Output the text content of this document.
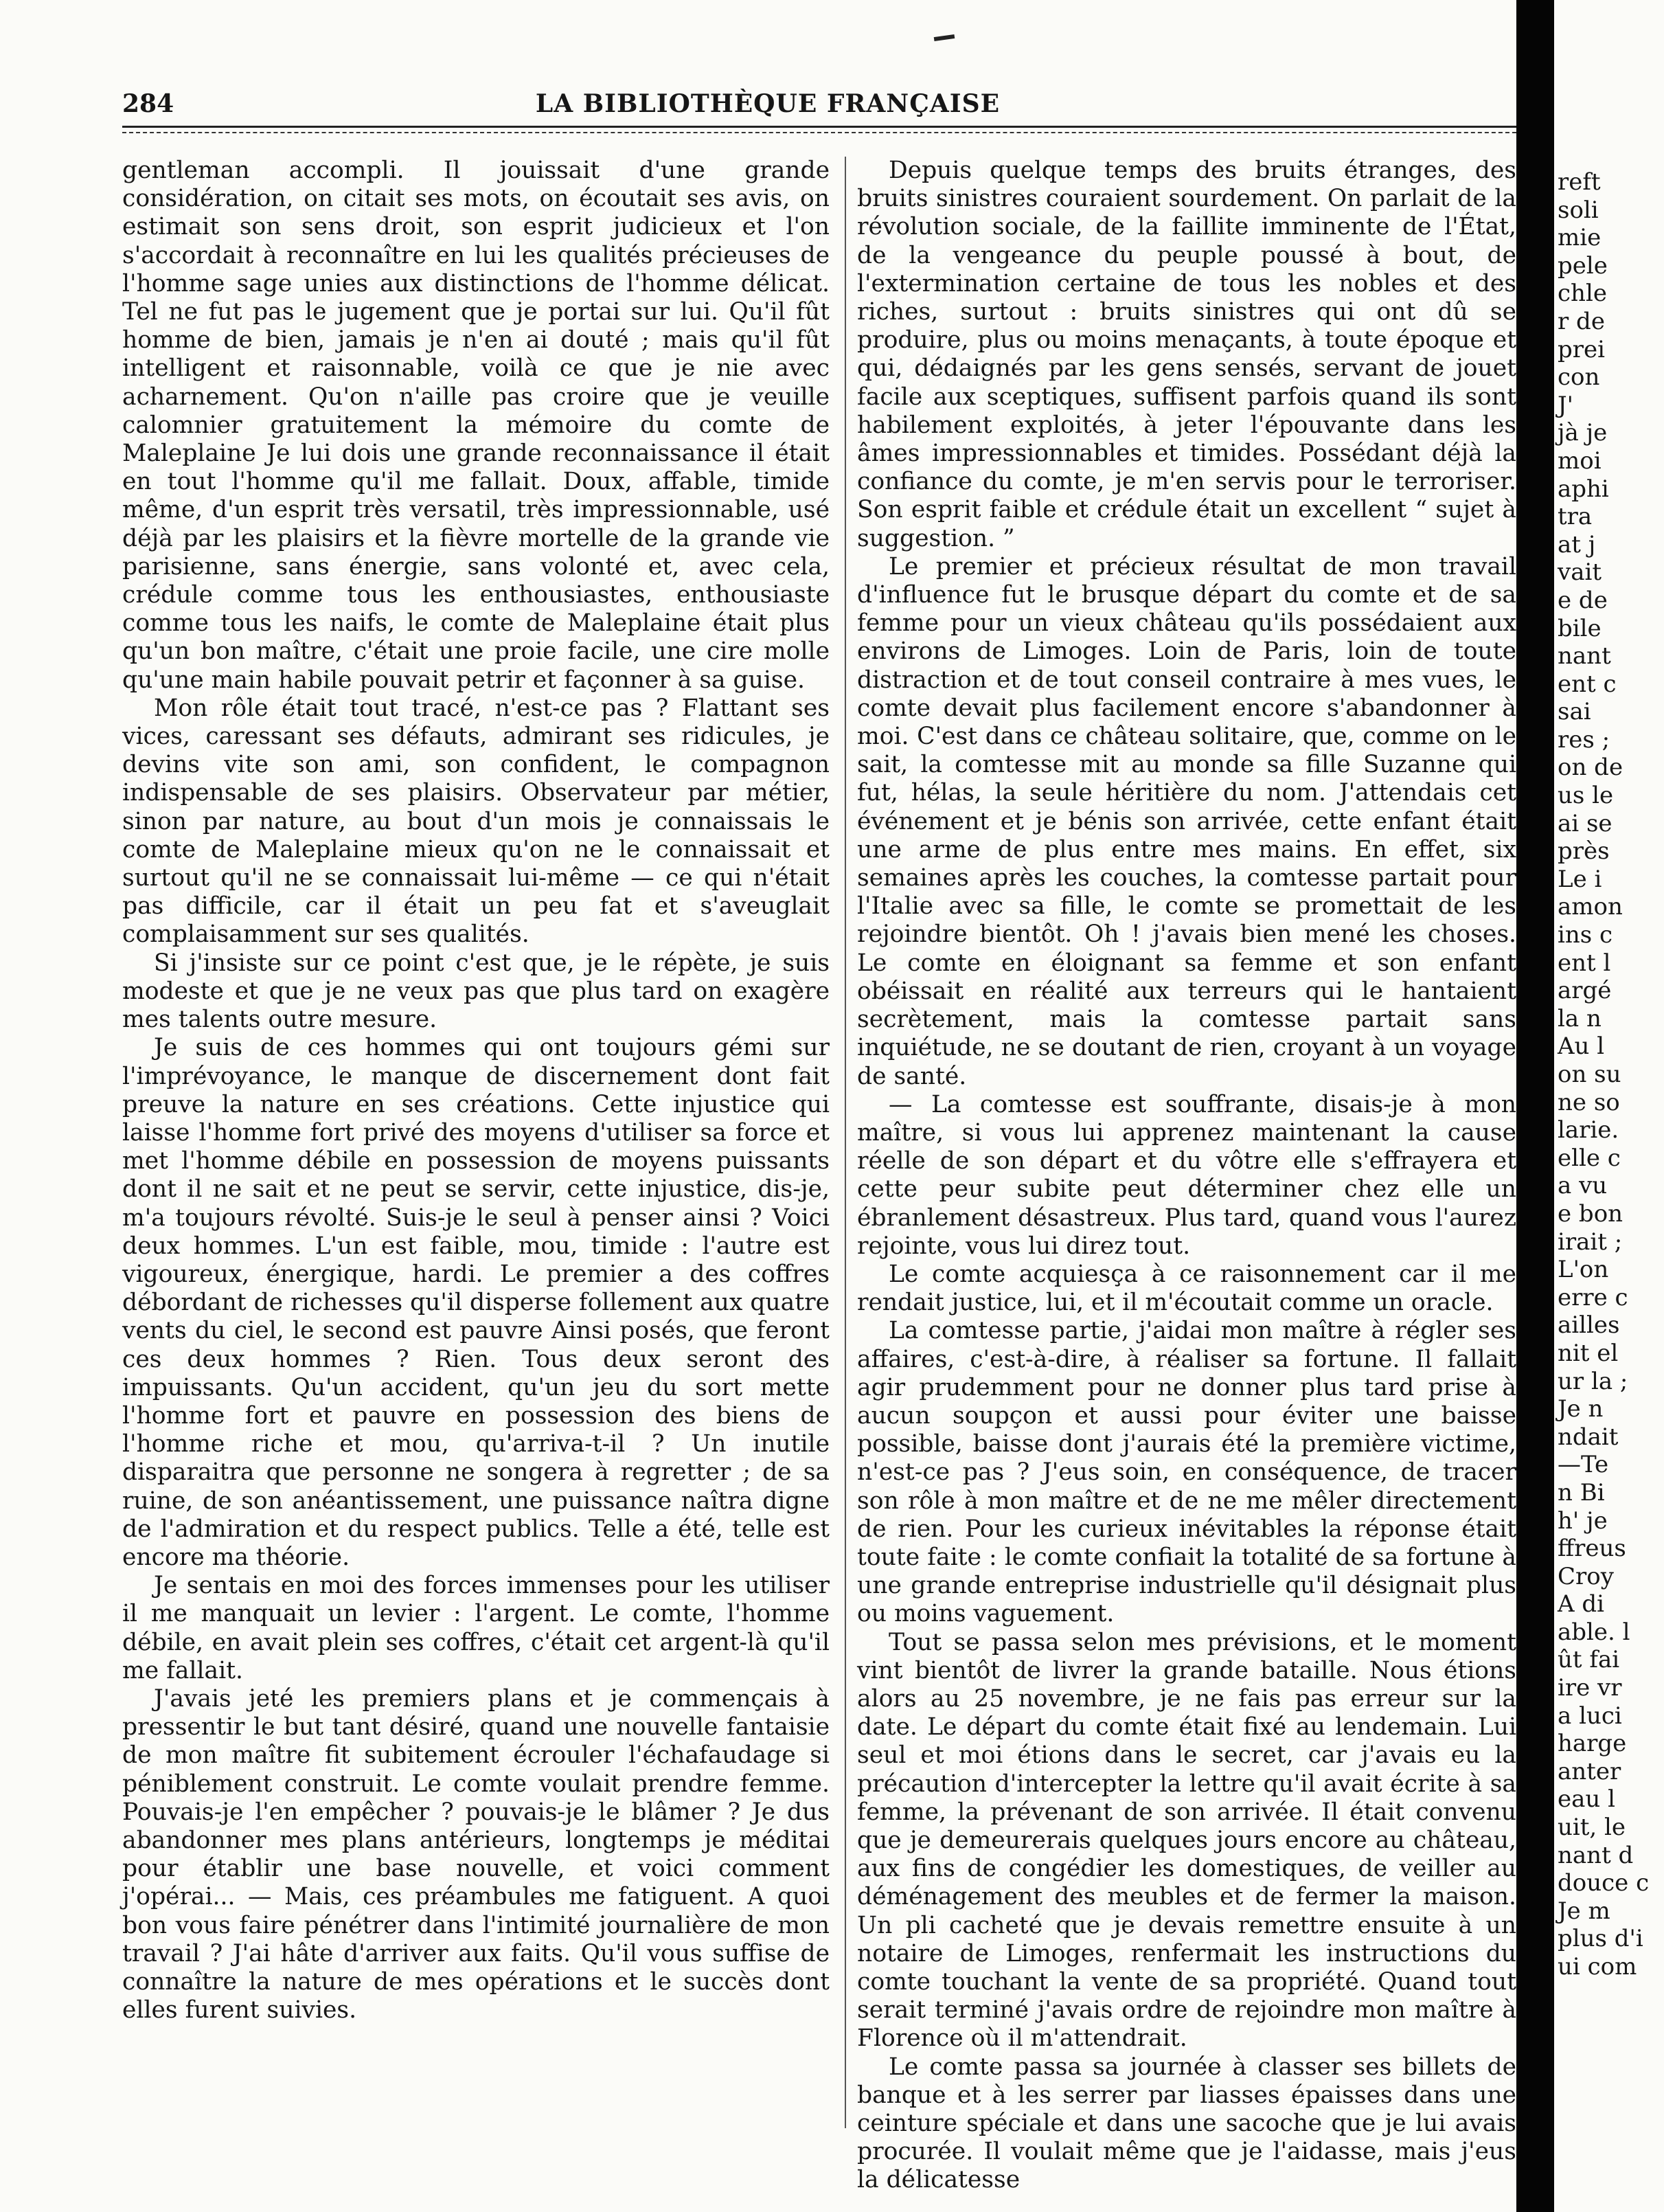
284	LA BIBLIOTHÈQUE FRANÇAISE

gentleman accompli. Il jouissait d'une grande considération, on citait ses mots, on écoutait ses avis, on estimait son sens droit, son esprit judicieux et l'on s'accordait à reconnaître en lui les qualités précieuses de l'homme sage unies aux distinctions de l'homme délicat. Tel ne fut pas le jugement que je portai sur lui. Qu'il fût homme de bien, jamais je n'en ai douté ; mais qu'il fût intelligent et raisonnable, voilà ce que je nie avec acharnement. Qu'on n'aille pas croire que je veuille calomnier gratuitement la mémoire du comte de Maleplaine Je lui dois une grande reconnaissance il était en tout l'homme qu'il me fallait. Doux, affable, timide même, d'un esprit très versatil, très impressionnable, usé déjà par les plaisirs et la fièvre mortelle de la grande vie parisienne, sans énergie, sans volonté et, avec cela, crédule comme tous les enthousiastes, enthousiaste comme tous les naifs, le comte de Maleplaine était plus qu'un bon maître, c'était une proie facile, une cire molle qu'une main habile pouvait petrir et façonner à sa guise.

Mon rôle était tout tracé, n'est-ce pas ? Flattant ses vices, caressant ses défauts, admirant ses ridicules, je devins vite son ami, son confident, le compagnon indispensable de ses plaisirs. Observateur par métier, sinon par nature, au bout d'un mois je connaissais le comte de Maleplaine mieux qu'on ne le connaissait et surtout qu'il ne se connaissait lui-même — ce qui n'était pas difficile, car il était un peu fat et s'aveuglait complaisamment sur ses qualités.

Si j'insiste sur ce point c'est que, je le répète, je suis modeste et que je ne veux pas que plus tard on exagère mes talents outre mesure.

Je suis de ces hommes qui ont toujours gémi sur l'imprévoyance, le manque de discernement dont fait preuve la nature en ses créations. Cette injustice qui laisse l'homme fort privé des moyens d'utiliser sa force et met l'homme débile en possession de moyens puissants dont il ne sait et ne peut se servir, cette injustice, dis-je, m'a toujours révolté. Suis-je le seul à penser ainsi ? Voici deux hommes. L'un est faible, mou, timide : l'autre est vigoureux, énergique, hardi. Le premier a des coffres débordant de richesses qu'il disperse follement aux quatre vents du ciel, le second est pauvre Ainsi posés, que feront ces deux hommes ? Rien. Tous deux seront des impuissants. Qu'un accident, qu'un jeu du sort mette l'homme fort et pauvre en possession des biens de l'homme riche et mou, qu'arriva-t-il ? Un inutile disparaitra que personne ne songera à regretter ; de sa ruine, de son anéantissement, une puissance naîtra digne de l'admiration et du respect publics. Telle a été, telle est encore ma théorie.

Je sentais en moi des forces immenses pour les utiliser il me manquait un levier : l'argent. Le comte, l'homme débile, en avait plein ses coffres, c'était cet argent-là qu'il me fallait.

J'avais jeté les premiers plans et je commençais à pressentir le but tant désiré, quand une nouvelle fantaisie de mon maître fit subitement écrouler l'échafaudage si péniblement construit. Le comte voulait prendre femme. Pouvais-je l'en empêcher ? pouvais-je le blâmer ? Je dus abandonner mes plans antérieurs, longtemps je méditai pour établir une base nouvelle, et voici comment j'opérai... — Mais, ces préambules me fatiguent. A quoi bon vous faire pénétrer dans l'intimité journalière de mon travail ? J'ai hâte d'arriver aux faits. Qu'il vous suffise de connaître la nature de mes opérations et le succès dont elles furent suivies.

Depuis quelque temps des bruits étranges, des bruits sinistres couraient sourdement. On parlait de la révolution sociale, de la faillite imminente de l'État, de la vengeance du peuple poussé à bout, de l'extermination certaine de tous les nobles et des riches, surtout : bruits sinistres qui ont dû se produire, plus ou moins menaçants, à toute époque et qui, dédaignés par les gens sensés, servant de jouet facile aux sceptiques, suffisent parfois quand ils sont habilement exploités, à jeter l'épouvante dans les âmes impressionnables et timides. Possédant déjà la confiance du comte, je m'en servis pour le terroriser. Son esprit faible et crédule était un excellent “ sujet à suggestion. ”

Le premier et précieux résultat de mon travail d'influence fut le brusque départ du comte et de sa femme pour un vieux château qu'ils possédaient aux environs de Limoges. Loin de Paris, loin de toute distraction et de tout conseil contraire à mes vues, le comte devait plus facilement encore s'abandonner à moi. C'est dans ce château solitaire, que, comme on le sait, la comtesse mit au monde sa fille Suzanne qui fut, hélas, la seule héritière du nom. J'attendais cet événement et je bénis son arrivée, cette enfant était une arme de plus entre mes mains. En effet, six semaines après les couches, la comtesse partait pour l'Italie avec sa fille, le comte se promettait de les rejoindre bientôt. Oh ! j'avais bien mené les choses. Le comte en éloignant sa femme et son enfant obéissait en réalité aux terreurs qui le hantaient secrètement, mais la comtesse partait sans inquiétude, ne se doutant de rien, croyant à un voyage de santé.

— La comtesse est souffrante, disais-je à mon maître, si vous lui apprenez maintenant la cause réelle de son départ et du vôtre elle s'effrayera et cette peur subite peut déterminer chez elle un ébranlement désastreux. Plus tard, quand vous l'aurez rejointe, vous lui direz tout.

Le comte acquiesça à ce raisonnement car il me rendait justice, lui, et il m'écoutait comme un oracle.

La comtesse partie, j'aidai mon maître à régler ses affaires, c'est-à-dire, à réaliser sa fortune. Il fallait agir prudemment pour ne donner plus tard prise à aucun soupçon et aussi pour éviter une baisse possible, baisse dont j'aurais été la première victime, n'est-ce pas ? J'eus soin, en conséquence, de tracer son rôle à mon maître et de ne me mêler directement de rien. Pour les curieux inévitables la réponse était toute faite : le comte confiait la totalité de sa fortune à une grande entreprise industrielle qu'il désignait plus ou moins vaguement.

Tout se passa selon mes prévisions, et le moment vint bientôt de livrer la grande bataille. Nous étions alors au 25 novembre, je ne fais pas erreur sur la date. Le départ du comte était fixé au lendemain. Lui seul et moi étions dans le secret, car j'avais eu la précaution d'intercepter la lettre qu'il avait écrite à sa femme, la prévenant de son arrivée. Il était convenu que je demeurerais quelques jours encore au château, aux fins de congédier les domestiques, de veiller au déménagement des meubles et de fermer la maison. Un pli cacheté que je devais remettre ensuite à un notaire de Limoges, renfermait les instructions du comte touchant la vente de sa propriété. Quand tout serait terminé j'avais ordre de rejoindre mon maître à Florence où il m'attendrait.

Le comte passa sa journée à classer ses billets de banque et à les serrer par liasses épaisses dans une ceinture spéciale et dans une sacoche que je lui avais procurée. Il voulait même que je l'aidasse, mais j'eus la délicatesse

reft
soli
mie
pele
chle
r de
prei
con
J'
jà je
moi
aphi
tra
at j
vait
e de
bile
nant
ent c
sai
res ;
on de
us le
ai se
près
Le i
amon
ins c
ent l
argé
la n
Au l
on su
ne so
larie.
elle c
a vu
e bon
irait ;
L'on
erre c
ailles
nit el
ur la ;
Je n
ndait
—Te
n Bi
h' je
ffreus
Croy
A di
able. l
ût fai
ire vr
a luci
harge
anter
eau l
uit, le
nant d
douce c
Je m
plus d'i
ui com
